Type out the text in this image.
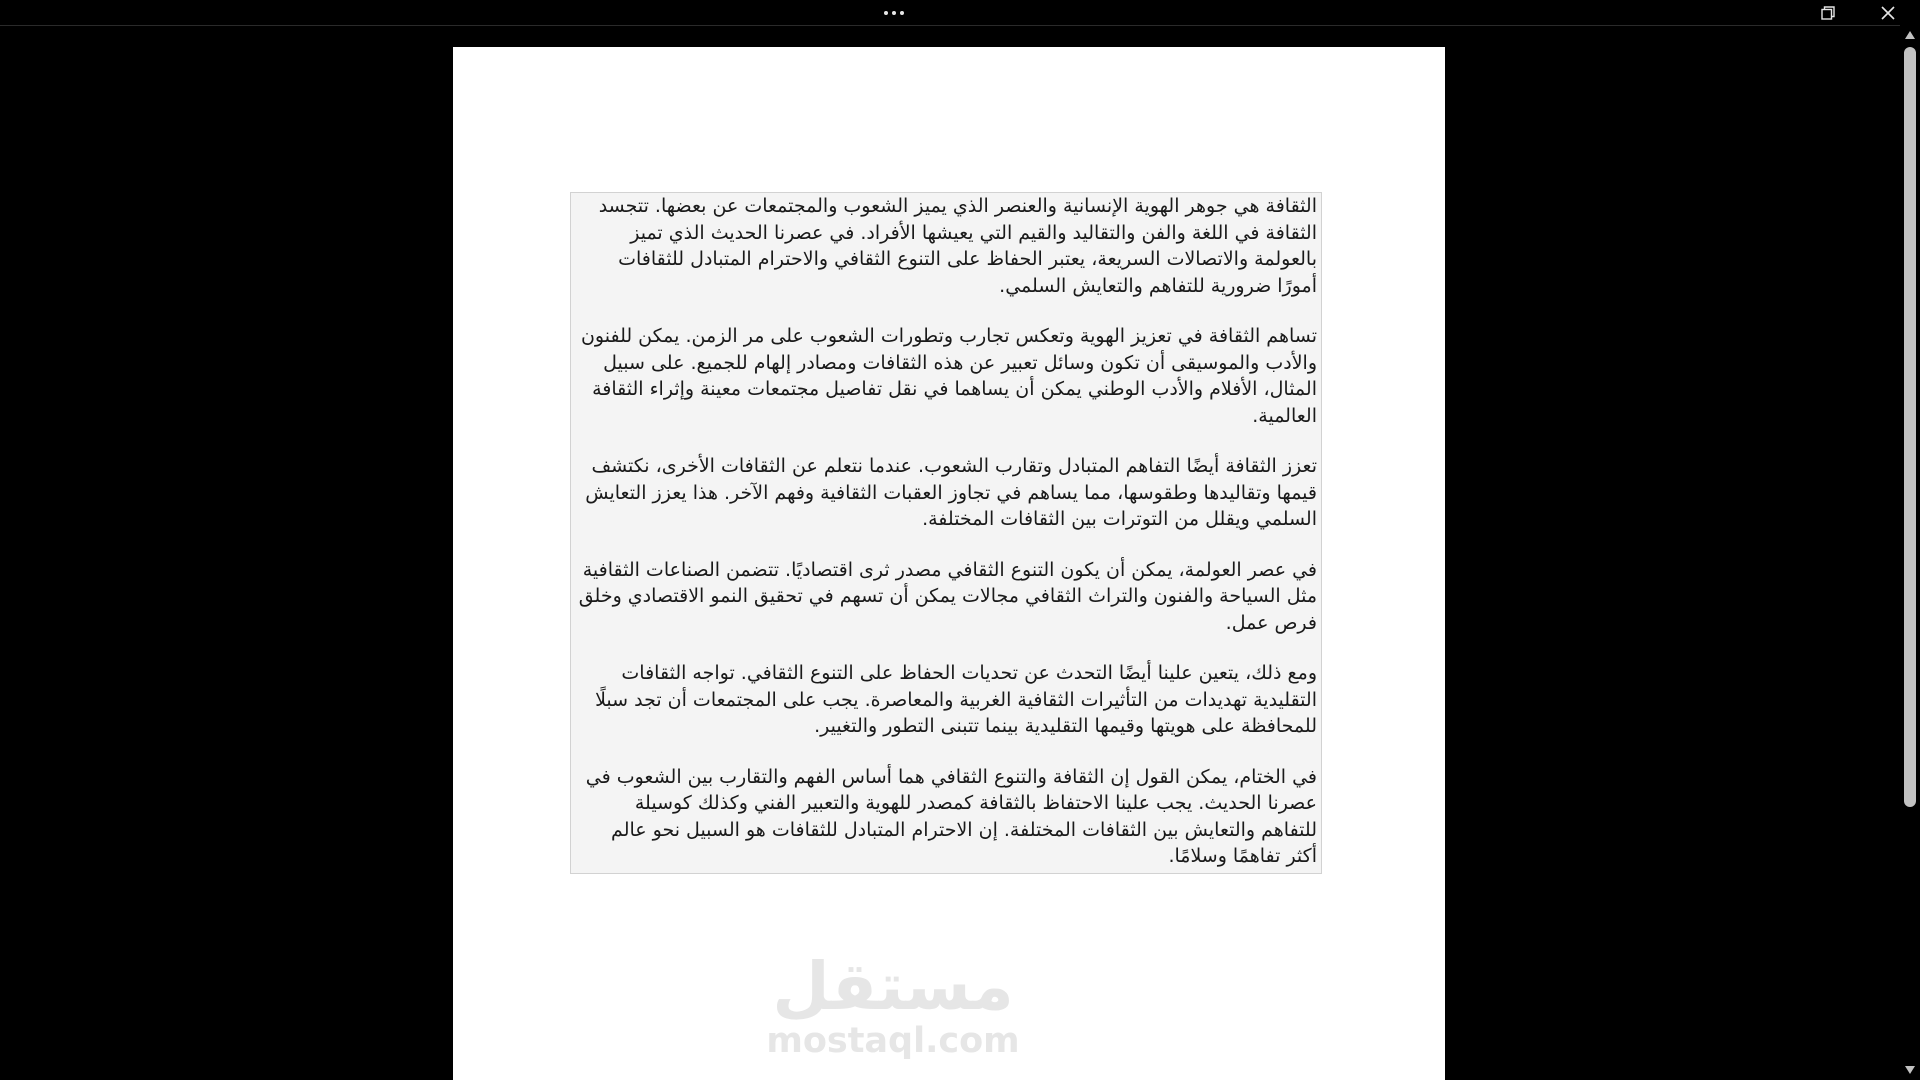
الثقافة هي جوهر الهوية الإنسانية والعنصر الذي يميز الشعوب والمجتمعات عن بعضها. تتجسد الثقافة في اللغة والفن والتقاليد والقيم التي يعيشها الأفراد. في عصرنا الحديث الذي تميز بالعولمة والاتصالات السريعة، يعتبر الحفاظ على التنوع الثقافي والاحترام المتبادل للثقافات أمورًا ضرورية للتفاهم والتعايش السلمي.

تساهم الثقافة في تعزيز الهوية وتعكس تجارب وتطورات الشعوب على مر الزمن. يمكن للفنون والأدب والموسيقى أن تكون وسائل تعبير عن هذه الثقافات ومصادر إلهام للجميع. على سبيل المثال، الأفلام والأدب الوطني يمكن أن يساهما في نقل تفاصيل مجتمعات معينة وإثراء الثقافة العالمية.

تعزز الثقافة أيضًا التفاهم المتبادل وتقارب الشعوب. عندما نتعلم عن الثقافات الأخرى، نكتشف قيمها وتقاليدها وطقوسها، مما يساهم في تجاوز العقبات الثقافية وفهم الآخر. هذا يعزز التعايش السلمي ويقلل من التوترات بين الثقافات المختلفة.

في عصر العولمة، يمكن أن يكون التنوع الثقافي مصدر ثرى اقتصاديًا. تتضمن الصناعات الثقافية مثل السياحة والفنون والتراث الثقافي مجالات يمكن أن تسهم في تحقيق النمو الاقتصادي وخلق فرص عمل.

ومع ذلك، يتعين علينا أيضًا التحدث عن تحديات الحفاظ على التنوع الثقافي. تواجه الثقافات التقليدية تهديدات من التأثيرات الثقافية الغربية والمعاصرة. يجب على المجتمعات أن تجد سبلًا للمحافظة على هويتها وقيمها التقليدية بينما تتبنى التطور والتغيير.

في الختام، يمكن القول إن الثقافة والتنوع الثقافي هما أساس الفهم والتقارب بين الشعوب في عصرنا الحديث. يجب علينا الاحتفاظ بالثقافة كمصدر للهوية والتعبير الفني وكذلك كوسيلة للتفاهم والتعايش بين الثقافات المختلفة. إن الاحترام المتبادل للثقافات هو السبيل نحو عالم أكثر تفاهمًا وسلامًا.

مستقل
mostaql.com
